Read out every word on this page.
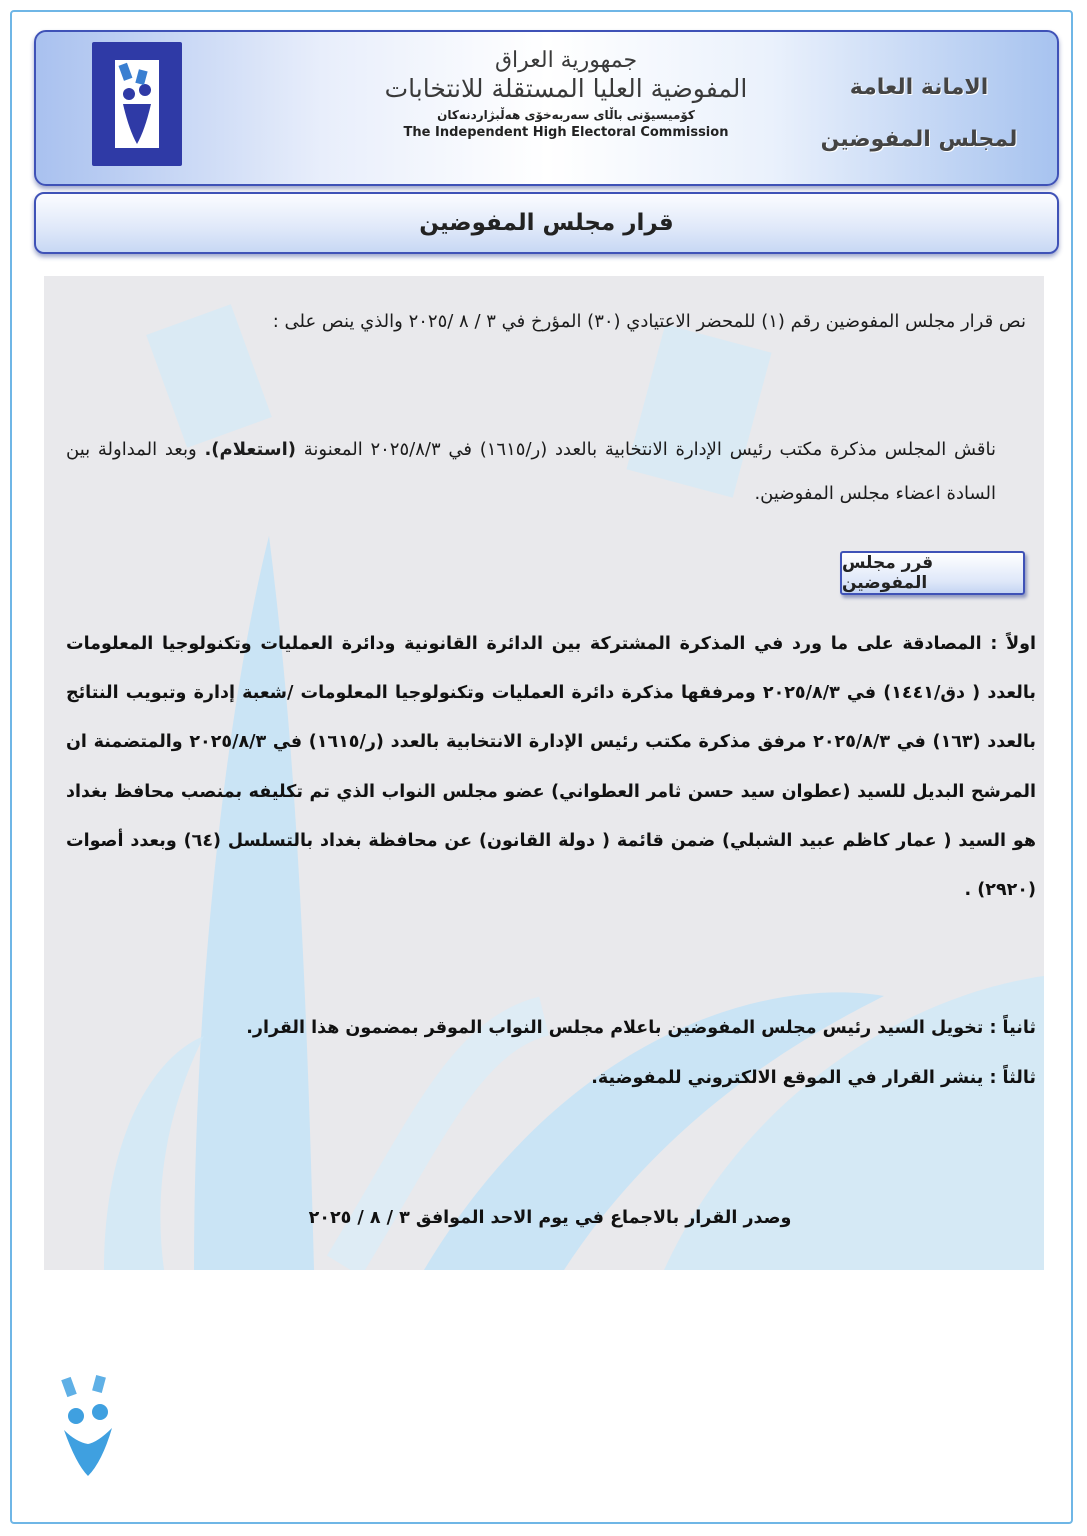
جمهورية العراق
المفوضية العليا المستقلة للانتخابات
کۆمیسیۆنی باڵای سەربەخۆی هەڵبژاردنەکان
The Independent High Electoral Commission
الامانة العامة
لمجلس المفوضين
قرار مجلس المفوضين
نص قرار مجلس المفوضين رقم (١) للمحضر الاعتيادي (٣٠) المؤرخ في ٣ / ٨ /٢٠٢٥ والذي ينص على :
ناقش المجلس مذكرة مكتب رئيس الإدارة الانتخابية بالعدد (ر/١٦١٥) في ٢٠٢٥/٨/٣ المعنونة (استعلام). وبعد المداولة بين السادة اعضاء مجلس المفوضين.
قرر مجلس المفوضين
اولاً : المصادقة على ما ورد في المذكرة المشتركة بين الدائرة القانونية ودائرة العمليات وتكنولوجيا المعلومات بالعدد ( دق/١٤٤١) في ٢٠٢٥/٨/٣ ومرفقها مذكرة دائرة العمليات وتكنولوجيا المعلومات /شعبة إدارة وتبويب النتائج بالعدد (١٦٣) في ٢٠٢٥/٨/٣ مرفق مذكرة مكتب رئيس الإدارة الانتخابية بالعدد (ر/١٦١٥) في ٢٠٢٥/٨/٣ والمتضمنة ان المرشح البديل للسيد (عطوان سيد حسن ثامر العطواني) عضو مجلس النواب الذي تم تكليفه بمنصب محافظ بغداد هو السيد ( عمار كاظم عبيد الشبلي) ضمن قائمة ( دولة القانون) عن محافظة بغداد بالتسلسل (٦٤) وبعدد أصوات (٢٩٢٠) .
ثانياً : تخويل السيد رئيس مجلس المفوضين باعلام مجلس النواب الموقر بمضمون هذا القرار.
ثالثاً : ينشر القرار في الموقع الالكتروني للمفوضية.
وصدر القرار بالاجماع في يوم الاحد الموافق ٣ / ٨ / ٢٠٢٥
